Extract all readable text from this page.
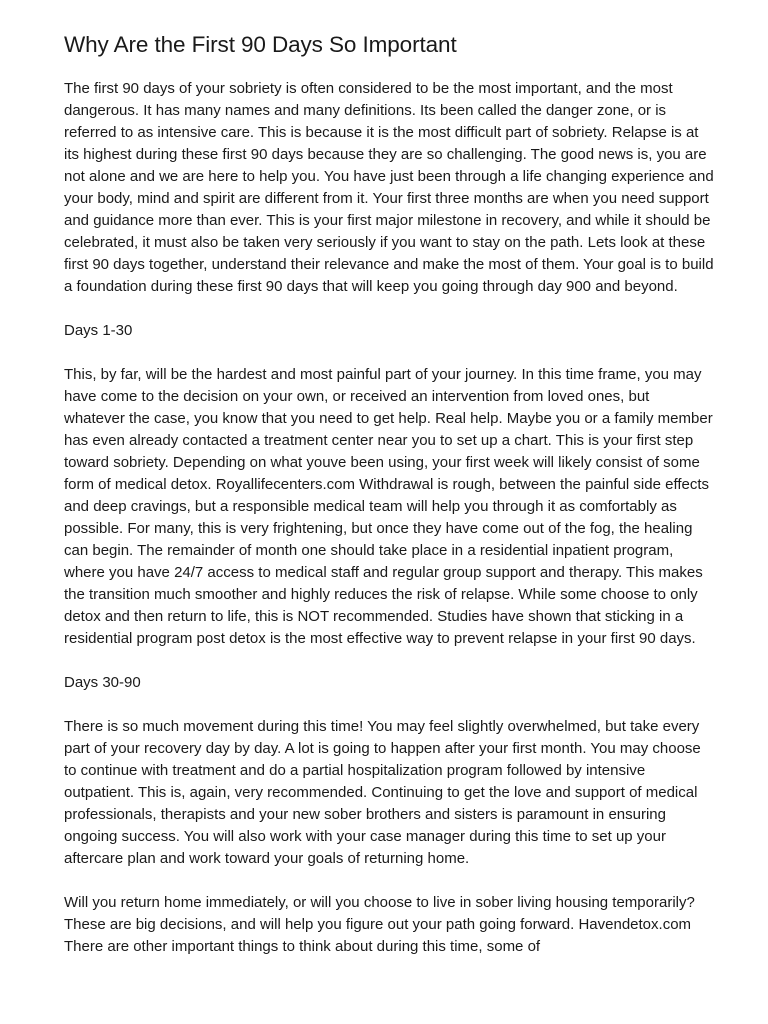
Why Are the First 90 Days So Important

The first 90 days of your sobriety is often considered to be the most important, and the most dangerous. It has many names and many definitions. Its been called the danger zone, or is referred to as intensive care. This is because it is the most difficult part of sobriety. Relapse is at its highest during these first 90 days because they are so challenging. The good news is, you are not alone and we are here to help you. You have just been through a life changing experience and your body, mind and spirit are different from it. Your first three months are when you need support and guidance more than ever. This is your first major milestone in recovery, and while it should be celebrated, it must also be taken very seriously if you want to stay on the path. Lets look at these first 90 days together, understand their relevance and make the most of them. Your goal is to build a foundation during these first 90 days that will keep you going through day 900 and beyond.

Days 1-30

This, by far, will be the hardest and most painful part of your journey. In this time frame, you may have come to the decision on your own, or received an intervention from loved ones, but whatever the case, you know that you need to get help. Real help. Maybe you or a family member has even already contacted a treatment center near you to set up a chart. This is your first step toward sobriety. Depending on what youve been using, your first week will likely consist of some form of medical detox. Royallifecenters.com Withdrawal is rough, between the painful side effects and deep cravings, but a responsible medical team will help you through it as comfortably as possible. For many, this is very frightening, but once they have come out of the fog, the healing can begin. The remainder of month one should take place in a residential inpatient program, where you have 24/7 access to medical staff and regular group support and therapy. This makes the transition much smoother and highly reduces the risk of relapse. While some choose to only detox and then return to life, this is NOT recommended. Studies have shown that sticking in a residential program post detox is the most effective way to prevent relapse in your first 90 days.

Days 30-90

There is so much movement during this time! You may feel slightly overwhelmed, but take every part of your recovery day by day. A lot is going to happen after your first month. You may choose to continue with treatment and do a partial hospitalization program followed by intensive outpatient. This is, again, very recommended. Continuing to get the love and support of medical professionals, therapists and your new sober brothers and sisters is paramount in ensuring ongoing success. You will also work with your case manager during this time to set up your aftercare plan and work toward your goals of returning home.

Will you return home immediately, or will you choose to live in sober living housing temporarily? These are big decisions, and will help you figure out your path going forward. Havendetox.com There are other important things to think about during this time, some of
